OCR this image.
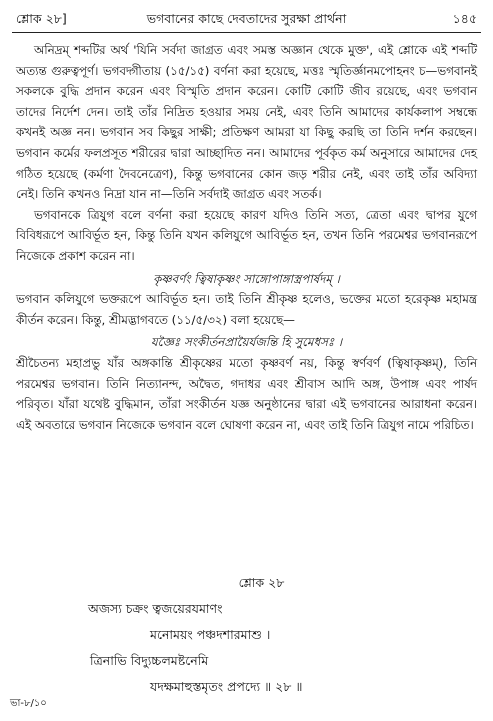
শ্লোক ২৮]	ভগবানের কাছে দেবতাদের সুরক্ষা প্রার্থনা	১৪৫

অনিদ্রম্ শব্দটির অর্থ 'যিনি সর্বদা জাগ্রত এবং সমস্ত অজ্ঞান থেকে মুক্ত', এই শ্লোকে এই শব্দটি অত্যন্ত গুরুত্বপূর্ণ। ভগবদ্গীতায় (১৫/১৫) বর্ণনা করা হয়েছে, মত্তঃ স্মৃতির্জ্ঞানমপোহনং চ—ভগবানই সকলকে বুদ্ধি প্রদান করেন এবং বিস্মৃতি প্রদান করেন। কোটি কোটি জীব রয়েছে, এবং ভগবান তাদের নির্দেশ দেন। তাই তাঁর নিদ্রিত হওয়ার সময় নেই, এবং তিনি আমাদের কার্যকলাপ সম্বন্ধে কখনই অজ্ঞ নন। ভগবান সব কিছুর সাক্ষী; প্রতিক্ষণ আমরা যা কিছু করছি তা তিনি দর্শন করছেন। ভগবান কর্মের ফলপ্রসূত শরীরের দ্বারা আচ্ছাদিত নন। আমাদের পূর্বকৃত কর্ম অনুসারে আমাদের দেহ গঠিত হয়েছে (কর্মণা দৈবনেত্রেণ), কিন্তু ভগবানের কোন জড় শরীর নেই, এবং তাই তাঁর অবিদ্যা নেই। তিনি কখনও নিদ্রা যান না—তিনি সর্বদাই জাগ্রত এবং সতর্ক।

ভগবানকে ত্রিযুগ বলে বর্ণনা করা হয়েছে কারণ যদিও তিনি সত্য, ত্রেতা এবং দ্বাপর যুগে বিবিধরূপে আবির্ভূত হন, কিন্তু তিনি যখন কলিযুগে আবির্ভূত হন, তখন তিনি পরমেশ্বর ভগবানরূপে নিজেকে প্রকাশ করেন না।

কৃষ্ণবর্ণং ত্বিষাকৃষ্ণং সাঙ্গোপাঙ্গাস্ত্রপার্ষদম্ ।

ভগবান কলিযুগে ভক্তরূপে আবির্ভূত হন। তাই তিনি শ্রীকৃষ্ণ হলেও, ভক্তের মতো হরেকৃষ্ণ মহামন্ত্র কীর্তন করেন। কিন্তু, শ্রীমদ্ভাগবতে (১১/৫/৩২) বলা হয়েছে—

যজ্ঞৈঃ সংকীর্তনপ্রায়ৈর্যজন্তি হি সুমেধসঃ ।

শ্রীচৈতন্য মহাপ্রভু যাঁর অঙ্গকান্তি শ্রীকৃষ্ণের মতো কৃষ্ণবর্ণ নয়, কিন্তু স্বর্ণবর্ণ (ত্বিষাকৃষ্ণম্), তিনি পরমেশ্বর ভগবান। তিনি নিত্যানন্দ, অদ্বৈত, গদাধর এবং শ্রীবাস আদি অঙ্গ, উপাঙ্গ এবং পার্ষদ পরিবৃত। যাঁরা যথেষ্ট বুদ্ধিমান, তাঁরা সংকীর্তন যজ্ঞ অনুষ্ঠানের দ্বারা এই ভগবানের আরাধনা করেন। এই অবতারে ভগবান নিজেকে ভগবান বলে ঘোষণা করেন না, এবং তাই তিনি ত্রিযুগ নামে পরিচিত।

শ্লোক ২৮
অজস্য চক্রং ত্বজয়েরযমাণং
মনোময়ং পঞ্চদশারমাশু ।
ত্রিনাভি বিদ্যুচ্চলমষ্টনেমি
যদক্ষমাহুস্তমৃতং প্রপদ্যে ॥ ২৮ ॥
ভা-৮/১০
